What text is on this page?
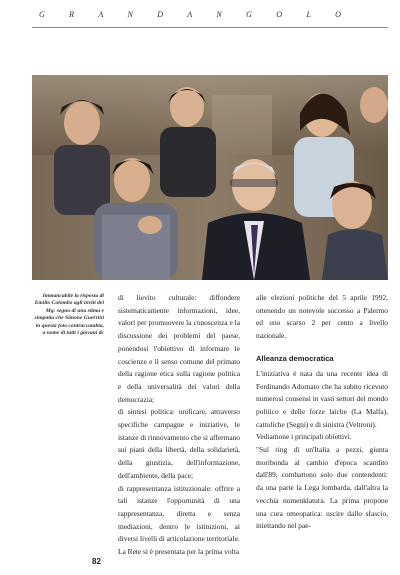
G R A N D A N G O L O
Immancabile la risposta di Emilio Colombo agli inviti dei Mg: segno di una stima e simpatia che Simone Guerrini in questa foto contraccambia, a nome di tutti i giovani dc

di lievito culturale: diffondere sistematicamente informazioni, idee, valori per promuovere la conoscenza e la discussione dei problemi del paese, ponendosi l'obiettivo di informare le coscienze e il senso comune del primato della ragione etica sulla ragione politica e della universalità dei valori della democrazia;

di sintesi politica: unificare, attraverso specifiche campagne e iniziative, le istanze di rinnovamento che si affermano sui piani della libertà, della solidarietà, della giustizia, dell'informazione, dell'ambiente, della pace;

di rappresentanza istituzionale: offrire a tali istanze l'opportunità di una rappresentanza, diretta e senza mediazioni, dentro le istituzioni, ai diversi livelli di articolazione territoriale.

La Rete si è presentata per la prima volta

alle elezioni politiche del 5 aprile 1992, ottenendo un notevole successo a Palermo ed uno scarso 2 per cento a livello nazionale.

Alleanza democratica

L'iniziativa è nata da una recente idea di Ferdinando Adornato che ha subito ricevuto numerosi consensi in vasti settori del mondo politico e delle forze laiche (La Malfa), cattoliche (Segni) e di sinistra (Veltroni).

Vediamone i principali obiettivi.

"Sul ring di un'Italia a pezzi, giunta moribonda al cambio d'epoca scandito dall'89, combattono solo due contendenti: da una parte la Lega lombarda, dall'altra la vecchia nomenklatura. La prima propone una cura omeopatica: uscire dallo sfascio, iniettando nel pae-

82
